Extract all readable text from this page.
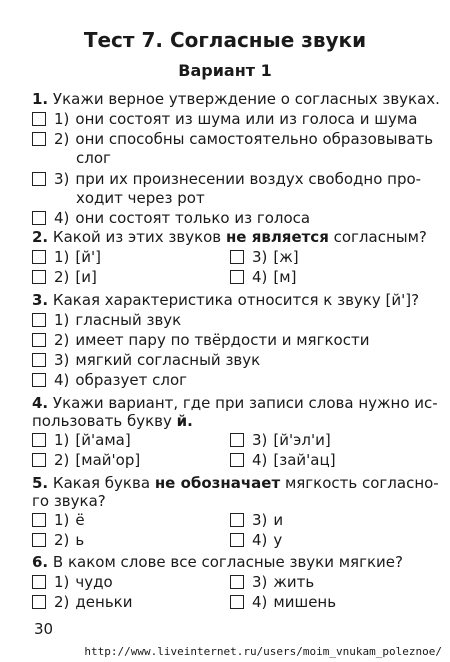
Тест 7. Согласные звуки
Вариант 1
1. Укажи верное утверждение о согласных звуках.
1) они состоят из шума или из голоса и шума
2) они способны самостоятельно образовывать
слог
3) при их произнесении воздух свободно про-
ходит через рот
4) они состоят только из голоса
2. Какой из этих звуков не является согласным?
1) [й']
2) [и]
3) [ж]
4) [м]
3. Какая характеристика относится к звуку [й']?
1) гласный звук
2) имеет пару по твёрдости и мягкости
3) мягкий согласный звук
4) образует слог
4. Укажи вариант, где при записи слова нужно ис-
пользовать букву й.
1) [й'ама]
2) [май'ор]
3) [й'эл'и]
4) [зай'ац]
5. Какая буква не обозначает мягкость согласно-
го звука?
1) ё
2) ь
3) и
4) у
6. В каком слове все согласные звуки мягкие?
1) чудо
2) деньки
3) жить
4) мишень
30
http://www.liveinternet.ru/users/moim_vnukam_poleznoe/
